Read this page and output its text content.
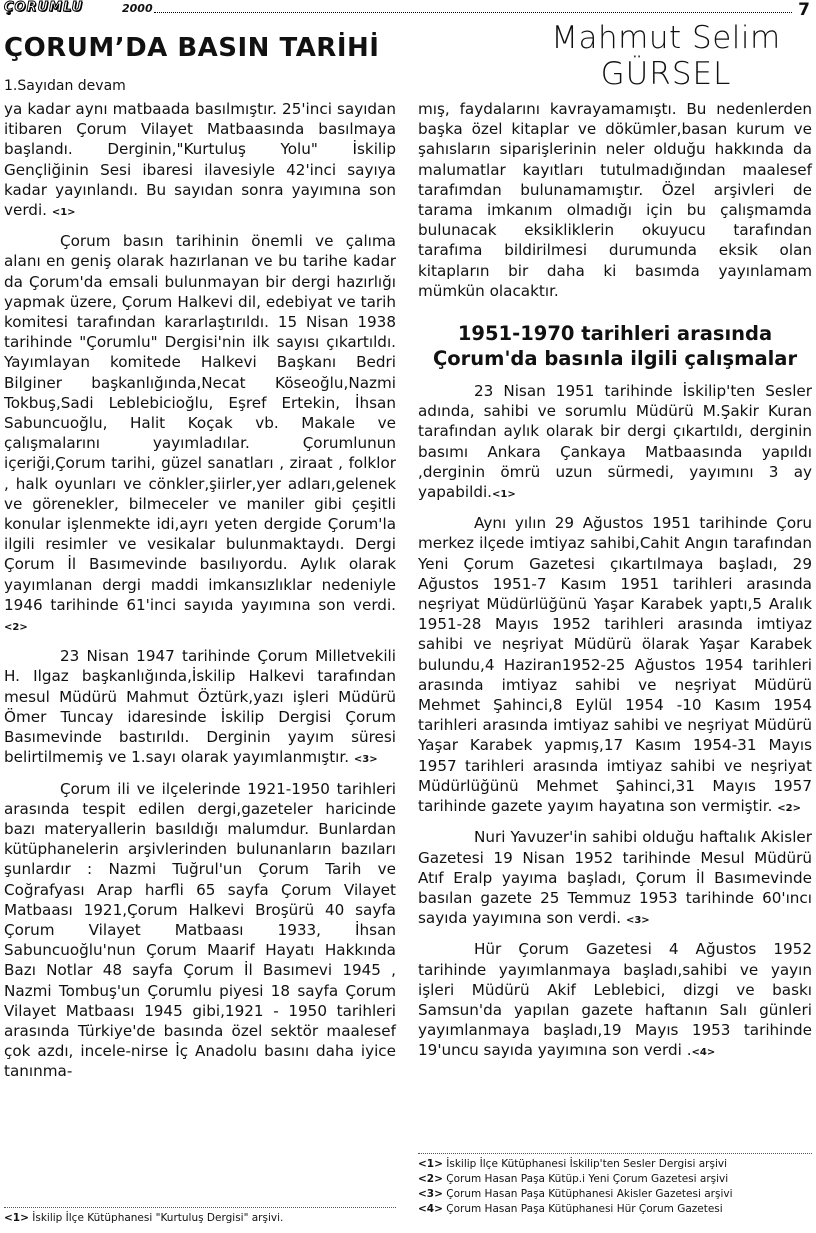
ÇORUMLU	2000	7
ÇORUM’DA BASIN TARİHİ	Mahmut Selim
GÜRSEL
1.Sayıdan devam

ya kadar aynı matbaada basılmıştır. 25'inci sayıdan itibaren Çorum Vilayet Matbaasında basılmaya başlandı. Derginin,"Kurtuluş Yolu" İskilip Gençliğinin Sesi ibaresi ilavesiyle 42'inci sayıya kadar yayınlandı. Bu sayıdan sonra yayımına son verdi. <1>

Çorum basın tarihinin önemli ve çalıma alanı en geniş olarak hazırlanan ve bu tarihe kadar da Çorum'da emsali bulunmayan bir dergi hazırlığı yapmak üzere, Çorum Halkevi dil, edebiyat ve tarih komitesi tarafından kararlaştırıldı. 15 Nisan 1938 tarihinde "Çorumlu" Dergisi'nin ilk sayısı çıkartıldı. Yayımlayan komitede Halkevi Başkanı Bedri Bilginer başkanlığında,Necat Köseoğlu,Nazmi Tokbuş,Sadi Leblebicioğlu, Eşref Ertekin, İhsan Sabuncuoğlu, Halit Koçak vb. Makale ve çalışmalarını yayımladılar. Çorumlunun içeriği,Çorum tarihi, güzel sanatları , ziraat , folklor , halk oyunları ve cönkler,şiirler,yer adları,gelenek ve görenekler, bilmeceler ve maniler gibi çeşitli konular işlenmekte idi,ayrı yeten dergide Çorum'la ilgili resimler ve vesikalar bulunmaktaydı. Dergi Çorum İl Basımevinde basılıyordu. Aylık olarak yayımlanan dergi maddi imkansızlıklar nedeniyle 1946 tarihinde 61'inci sayıda yayımına son verdi.<2>

23 Nisan 1947 tarihinde Çorum Milletvekili H. Ilgaz başkanlığında,İskilip Halkevi tarafından mesul Müdürü Mahmut Öztürk,yazı işleri Müdürü Ömer Tuncay idaresinde İskilip Dergisi Çorum Basımevinde bastırıldı. Derginin yayım süresi belirtilmemiş ve 1.sayı olarak yayımlanmıştır. <3>

Çorum ili ve ilçelerinde 1921-1950 tarihleri arasında tespit edilen dergi,gazeteler haricinde bazı materyallerin basıldığı malumdur. Bunlardan kütüphanelerin arşivlerinden bulunanların bazıları şunlardır : Nazmi Tuğrul'un Çorum Tarih ve Coğrafyası Arap harfli 65 sayfa Çorum Vilayet Matbaası 1921,Çorum Halkevi Broşürü 40 sayfa Çorum Vilayet Matbaası 1933, İhsan Sabuncuoğlu'nun Çorum Maarif Hayatı Hakkında Bazı Notlar 48 sayfa Çorum İl Basımevi 1945 , Nazmi Tombuş'un Çorumlu piyesi 18 sayfa Çorum Vilayet Matbaası 1945 gibi,1921 - 1950 tarihleri arasında Türkiye'de basında özel sektör maalesef çok azdı, incele-nirse İç Anadolu basını daha iyice tanınma-

<1> İskilip İlçe Kütüphanesi "Kurtuluş Dergisi" arşivi.

mış, faydalarını kavrayamamıştı. Bu nedenlerden başka özel kitaplar ve dökümler,basan kurum ve şahısların siparişlerinin neler olduğu hakkında da malumatlar kayıtları tutulmadığından maalesef tarafımdan bulunamamıştır. Özel arşivleri de tarama imkanım olmadığı için bu çalışmamda bulunacak eksikliklerin okuyucu tarafından tarafıma bildirilmesi durumunda eksik olan kitapların bir daha ki basımda yayınlamam mümkün olacaktır.

1951-1970 tarihleri arasında Çorum'da basınla ilgili çalışmalar

23 Nisan 1951 tarihinde İskilip'ten Sesler adında, sahibi ve sorumlu Müdürü M.Şakir Kuran tarafından aylık olarak bir dergi çıkartıldı, derginin basımı Ankara Çankaya Matbaasında yapıldı ,derginin ömrü uzun sürmedi, yayımını 3 ay yapabildi.<1>

Aynı yılın 29 Ağustos 1951 tarihinde Çoru merkez ilçede imtiyaz sahibi,Cahit Angın tarafından Yeni Çorum Gazetesi çıkartılmaya başladı, 29 Ağustos 1951-7 Kasım 1951 tarihleri arasında neşriyat Müdürlüğünü Yaşar Karabek yaptı,5 Aralık 1951-28 Mayıs 1952 tarihleri arasında imtiyaz sahibi ve neşriyat Müdürü ölarak Yaşar Karabek bulundu,4 Haziran1952-25 Ağustos 1954 tarihleri arasında imtiyaz sahibi ve neşriyat Müdürü Mehmet Şahinci,8 Eylül 1954 -10 Kasım 1954 tarihleri arasında imtiyaz sahibi ve neşriyat Müdürü Yaşar Karabek yapmış,17 Kasım 1954-31 Mayıs 1957 tarihleri arasında imtiyaz sahibi ve neşriyat Müdürlüğünü Mehmet Şahinci,31 Mayıs 1957 tarihinde gazete yayım hayatına son vermiştir. <2>

Nuri Yavuzer'in sahibi olduğu haftalık Akisler Gazetesi 19 Nisan 1952 tarihinde Mesul Müdürü Atıf Eralp yayıma başladı, Çorum İl Basımevinde basılan gazete 25 Temmuz 1953 tarihinde 60'ıncı sayıda yayımına son verdi. <3>

Hür Çorum Gazetesi 4 Ağustos 1952 tarihinde yayımlanmaya başladı,sahibi ve yayın işleri Müdürü Akif Leblebici, dizgi ve baskı Samsun'da yapılan gazete haftanın Salı günleri yayımlanmaya başladı,19 Mayıs 1953 tarihinde 19'uncu sayıda yayımına son verdi .<4>

<1> İskilip İlçe Kütüphanesi İskilip'ten Sesler Dergisi arşivi
<2> Çorum Hasan Paşa Kütüp.i Yeni Çorum Gazetesi arşivi
<3> Çorum Hasan Paşa Kütüphanesi Akisler Gazetesi arşivi
<4> Çorum Hasan Paşa Kütüphanesi Hür Çorum Gazetesi
